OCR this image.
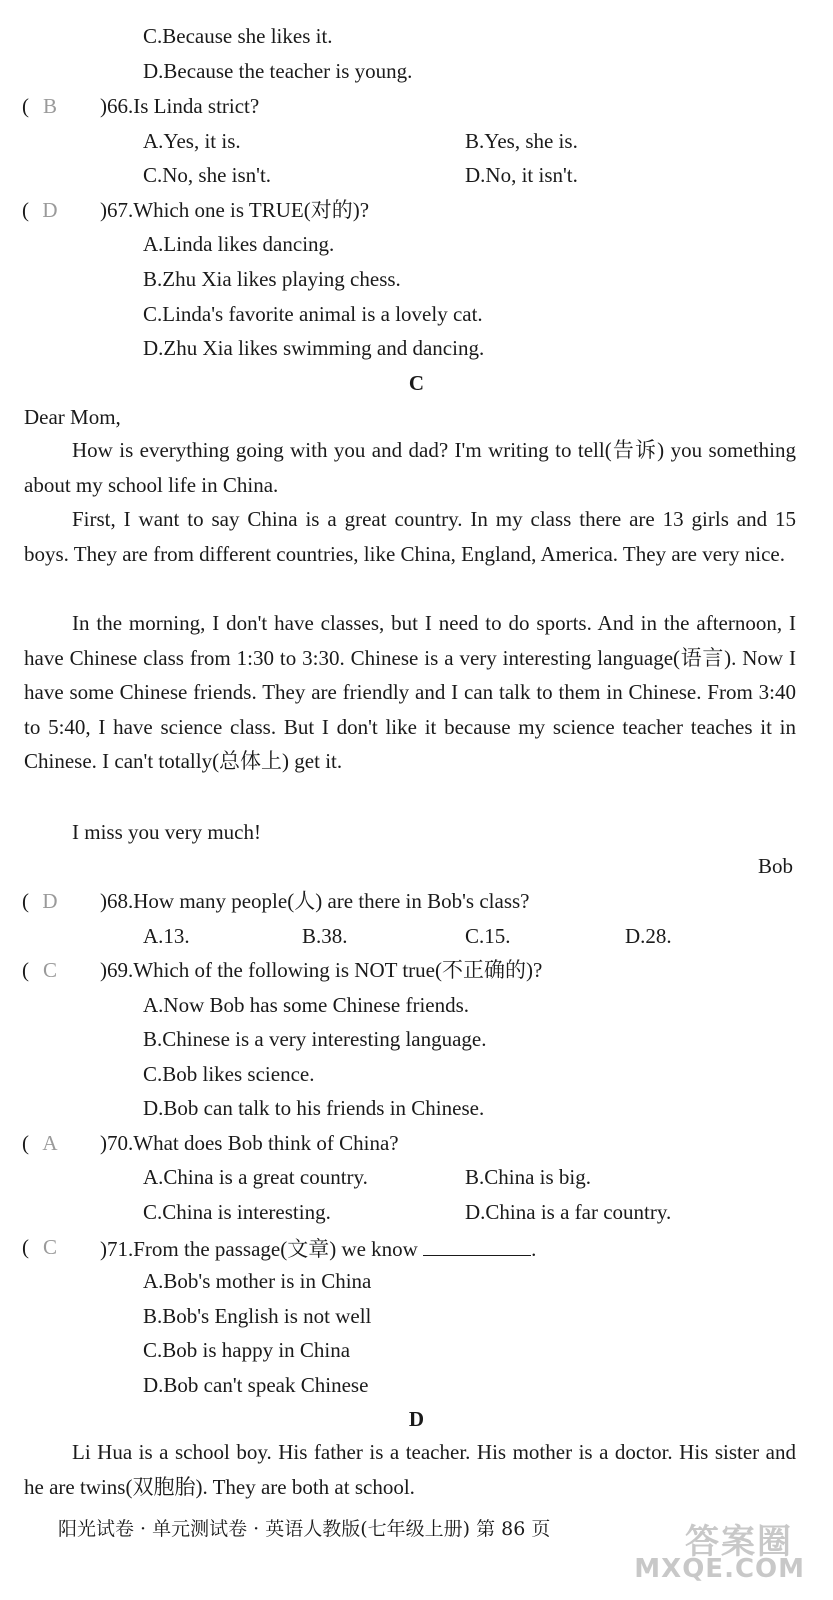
C.Because she likes it.
D.Because the teacher is young.
( B	)66.Is Linda strict?
A.Yes, it is.	B.Yes, she is.
C.No, she isn't.	D.No, it isn't.
( D	)67.Which one is TRUE(对的)?
A.Linda likes dancing.
B.Zhu Xia likes playing chess.
C.Linda's favorite animal is a lovely cat.
D.Zhu Xia likes swimming and dancing.
C
Dear Mom,
How is everything going with you and dad? I'm writing to tell(告诉) you something about my school life in China.
First, I want to say China is a great country. In my class there are 13 girls and 15 boys. They are from different countries, like China, England, America. They are very nice.
In the morning, I don't have classes, but I need to do sports. And in the afternoon, I have Chinese class from 1:30 to 3:30. Chinese is a very interesting language(语言). Now I have some Chinese friends. They are friendly and I can talk to them in Chinese. From 3:40 to 5:40, I have science class. But I don't like it because my science teacher teaches it in Chinese. I can't totally(总体上) get it.
I miss you very much!
Bob
( D	)68.How many people(人) are there in Bob's class?
A.13.	B.38.	C.15.	D.28.
( C	)69.Which of the following is NOT true(不正确的)?
A.Now Bob has some Chinese friends.
B.Chinese is a very interesting language.
C.Bob likes science.
D.Bob can talk to his friends in Chinese.
( A	)70.What does Bob think of China?
A.China is a great country.	B.China is big.
C.China is interesting.	D.China is a far country.
( C	)71.From the passage(文章) we know	.
A.Bob's mother is in China
B.Bob's English is not well
C.Bob is happy in China
D.Bob can't speak Chinese
D
Li Hua is a school boy. His father is a teacher. His mother is a doctor. His sister and he are twins(双胞胎). They are both at school.
阳光试卷 · 单元测试卷 · 英语人教版(七年级上册) 第 86 页	答案圈
MXQE.COM
